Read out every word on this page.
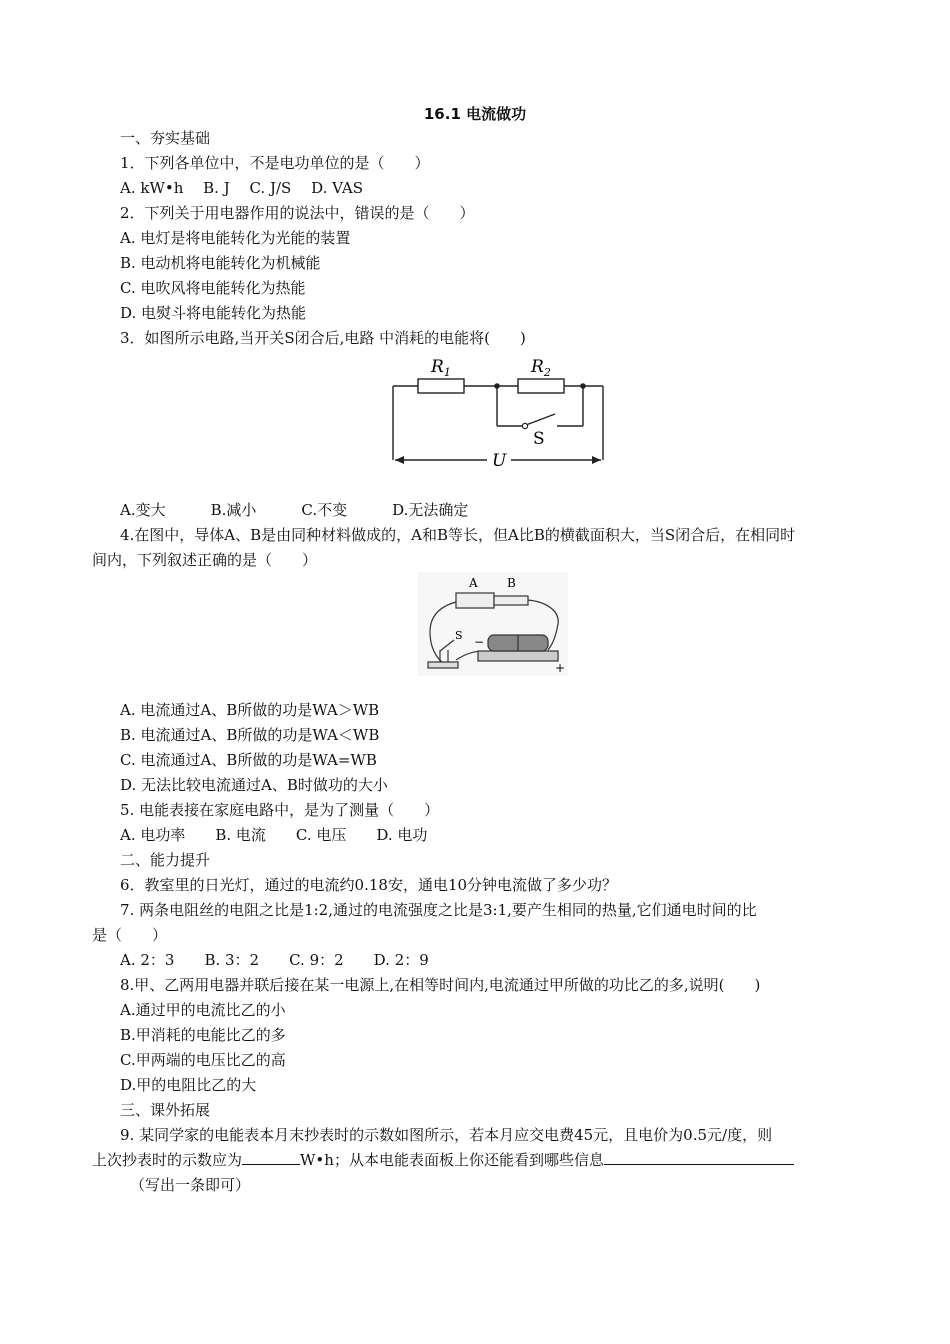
16.1 电流做功
一、夯实基础
1．下列各单位中，不是电功单位的是（　　）
A. kW•h　 B. J　 C. J/S　 D. VAS
2．下列关于用电器作用的说法中，错误的是（　　）
A. 电灯是将电能转化为光能的装置
B. 电动机将电能转化为机械能
C. 电吹风将电能转化为热能
D. 电熨斗将电能转化为热能
3．如图所示电路,当开关S闭合后,电路 中消耗的电能将(　　)
$R_1$	$R_2$
S
U
A.变大　　　B.减小　　　C.不变　　　D.无法确定
4.在图中，导体A、B是由同种材料做成的，A和B等长，但A比B的横截面积大，当S闭合后，在相同时
间内，下列叙述正确的是（　　）
A B
S −
+
A. 电流通过A、B所做的功是WA＞WB
B. 电流通过A、B所做的功是WA＜WB
C. 电流通过A、B所做的功是WA=WB
D. 无法比较电流通过A、B时做功的大小
5. 电能表接在家庭电路中，是为了测量（　　）
A. 电功率　　B. 电流　　C. 电压　　D. 电功
二、能力提升
6．教室里的日光灯，通过的电流约0.18安，通电10分钟电流做了多少功？
7. 两条电阻丝的电阻之比是1:2,通过的电流强度之比是3:1,要产生相同的热量,它们通电时间的比
是（　　）
A. 2：3　　B. 3：2　　C. 9：2　　D. 2：9
8.甲、乙两用电器并联后接在某一电源上,在相等时间内,电流通过甲所做的功比乙的多,说明(　　)
A.通过甲的电流比乙的小
B.甲消耗的电能比乙的多
C.甲两端的电压比乙的高
D.甲的电阻比乙的大
三、课外拓展
9. 某同学家的电能表本月末抄表时的示数如图所示，若本月应交电费45元，且电价为0.5元/度，则
上次抄表时的示数应为	W•h；从本电能表面板上你还能看到哪些信息
（写出一条即可）
